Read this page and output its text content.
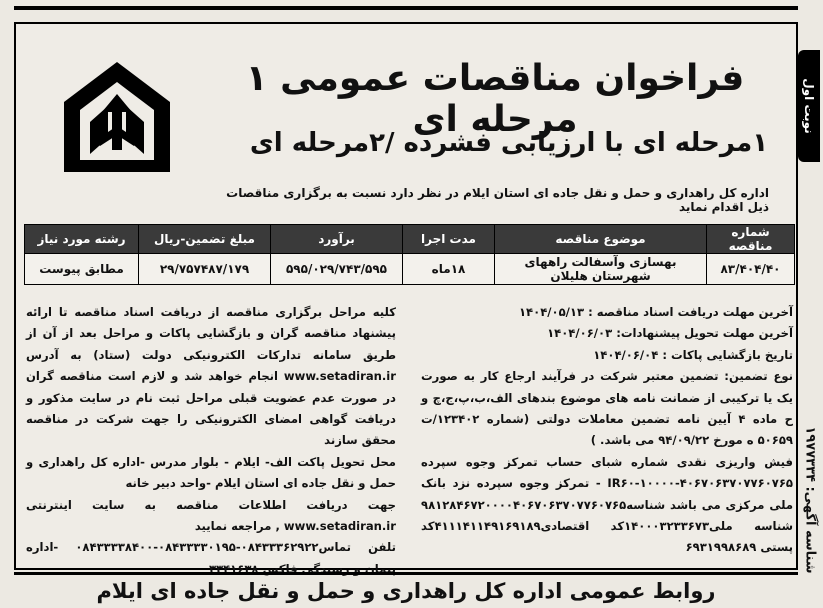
نوبت اول
شناسه آگهی: ۱۹۷۷۳۳۴
فراخوان مناقصات عمومی ۱ مرحله ای
۱مرحله ای با ارزیابی فشرده /۲مرحله ای
اداره کل راهداری و حمل و نقل جاده ای استان ایلام در نظر دارد نسبت به برگزاری مناقصات ذیل اقدام نماید
شماره مناقصه	موضوع مناقصه	مدت اجرا	برآورد	مبلغ تضمین-ریال	رشته مورد نیاز
۸۳/۴۰۴/۴۰	بهسازی وآسفالت راههای شهرستان هلیلان	۱۸ماه	۵۹۵/۰۲۹/۷۴۳/۵۹۵	۲۹/۷۵۷۴۸۷/۱۷۹	مطابق پیوست

آخرین مهلت دریافت اسناد مناقصه : ۱۴۰۴/۰۵/۱۳

آخرین مهلت تحویل پیشنهادات: ۱۴۰۴/۰۶/۰۳

تاریخ بازگشایی پاکات : ۱۴۰۴/۰۶/۰۴

نوع تضمین: تضمین معتبر شرکت در فرآیند ارجاع کار به صورت یک یا ترکیبی از ضمانت نامه های موضوع بندهای الف،ب،پ،ج،چ و ح ماده ۴ آیین نامه تضمین معاملات دولتی (شماره ۱۲۳۴۰۲/ت ۵۰۶۵۹ ه مورخ ۹۴/۰۹/۲۲ می باشد. )

فیش واریزی نقدی شماره شبای حساب تمرکز وجوه سپرده IR۶۰-۱۰۰۰۰-۴۰۶۷۰۶۳۷۰۷۷۶۰۷۶۵ - تمرکز وجوه سپرده نزد بانک ملی مرکزی می باشد شناسه۹۸۱۲۸۴۶۷۲۰۰۰۰۴۰۶۷۰۶۳۷۰۷۷۶۰۷۶۵ شناسه ملی۱۴۰۰۰۳۲۳۳۶۷۳کد اقتصادی۴۱۱۱۴۱۱۴۹۱۶۹۱۸۹کد پستی ۶۹۳۱۹۹۸۶۸۹

کلیه مراحل برگزاری مناقصه از دریافت اسناد مناقصه تا ارائه پیشنهاد مناقصه گران و بازگشایی پاکات و مراحل بعد از آن از طریق سامانه تدارکات الکترونیکی دولت (ستاد) به آدرس www.setadiran.ir انجام خواهد شد و لازم است مناقصه گران در صورت عدم عضویت قبلی مراحل ثبت نام در سایت مذکور و دریافت گواهی امضای الکترونیکی را جهت شرکت در مناقصه محقق سازند

محل تحویل پاکت الف- ایلام - بلوار مدرس -اداره کل راهداری و حمل و نقل جاده ای استان ایلام -واحد دبیر خانه

جهت دریافت اطلاعات مناقصه به سایت اینترنتی www.setadiran.ir , مراجعه نمایید

تلفن تماس۰۸۴۳۳۳۶۲۹۲۲-۰۸۴۳۳۳۳۰۱۹۵-۰۸۴۳۳۳۳۸۴۰۰ -اداره پیمان و رسیدگی فاکس ۳۳۴۱۶۳۸

روابط عمومی اداره کل راهداری و حمل و نقل جاده ای ایلام
